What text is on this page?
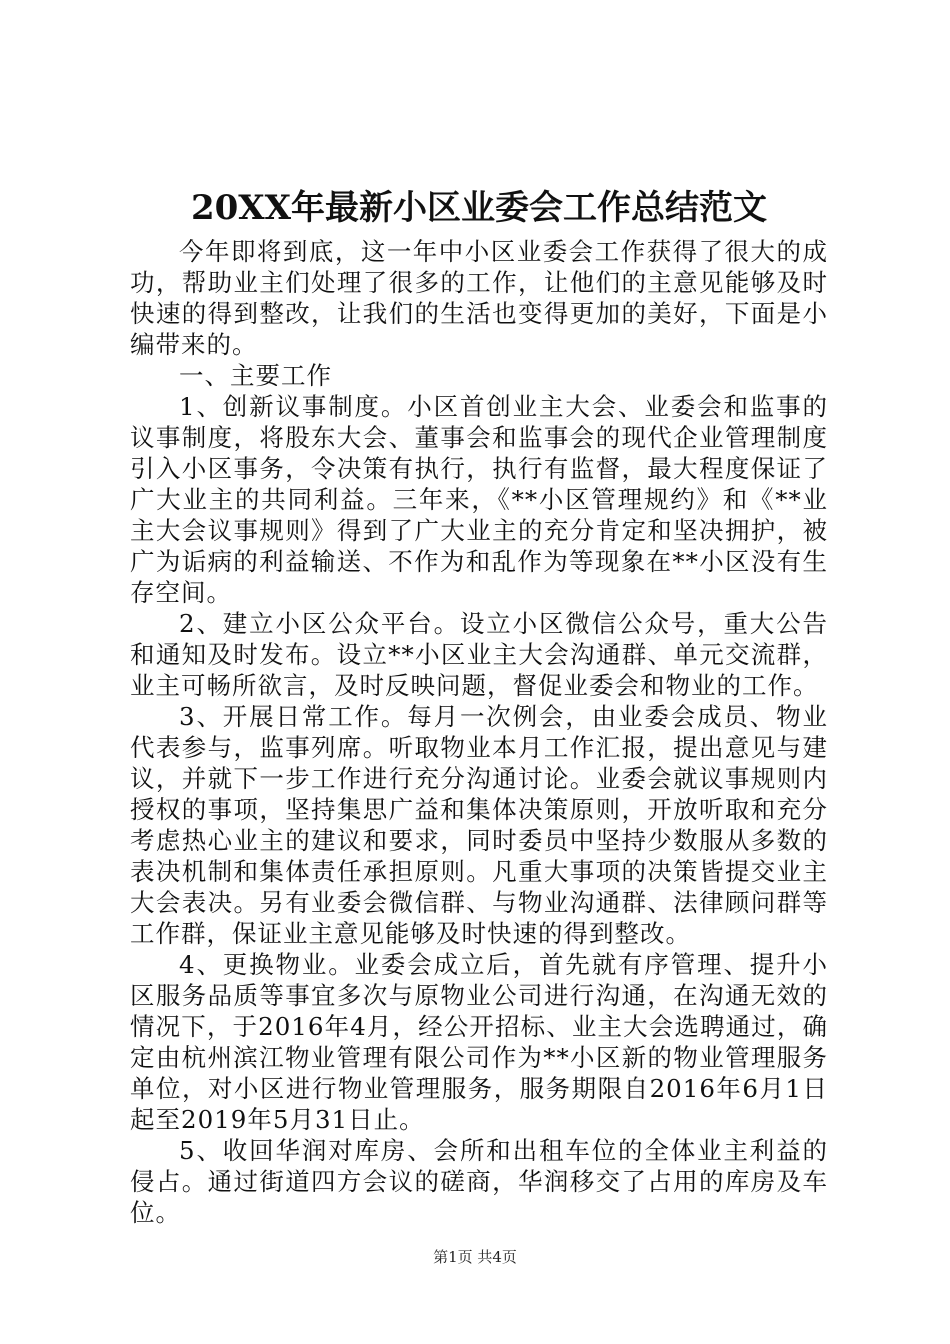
20XX年最新小区业委会工作总结范文

今年即将到底，这一年中小区业委会工作获得了很大的成功，帮助业主们处理了很多的工作，让他们的主意见能够及时快速的得到整改，让我们的生活也变得更加的美好，下面是小编带来的。

一、主要工作

1、创新议事制度。小区首创业主大会、业委会和监事的议事制度，将股东大会、董事会和监事会的现代企业管理制度引入小区事务，令决策有执行，执行有监督，最大程度保证了广大业主的共同利益。三年来，《**小区管理规约》和《**业主大会议事规则》得到了广大业主的充分肯定和坚决拥护，被广为诟病的利益输送、不作为和乱作为等现象在**小区没有生存空间。

2、建立小区公众平台。设立小区微信公众号，重大公告和通知及时发布。设立**小区业主大会沟通群、单元交流群，业主可畅所欲言，及时反映问题，督促业委会和物业的工作。

3、开展日常工作。每月一次例会，由业委会成员、物业代表参与，监事列席。听取物业本月工作汇报，提出意见与建议，并就下一步工作进行充分沟通讨论。业委会就议事规则内授权的事项，坚持集思广益和集体决策原则，开放听取和充分考虑热心业主的建议和要求，同时委员中坚持少数服从多数的表决机制和集体责任承担原则。凡重大事项的决策皆提交业主大会表决。另有业委会微信群、与物业沟通群、法律顾问群等工作群，保证业主意见能够及时快速的得到整改。

4、更换物业。业委会成立后，首先就有序管理、提升小区服务品质等事宜多次与原物业公司进行沟通，在沟通无效的情况下，于2016年4月，经公开招标、业主大会选聘通过，确定由杭州滨江物业管理有限公司作为**小区新的物业管理服务单位，对小区进行物业管理服务，服务期限自2016年6月1日起至2019年5月31日止。

5、收回华润对库房、会所和出租车位的全体业主利益的侵占。通过街道四方会议的磋商，华润移交了占用的库房及车位。

第1页 共4页
